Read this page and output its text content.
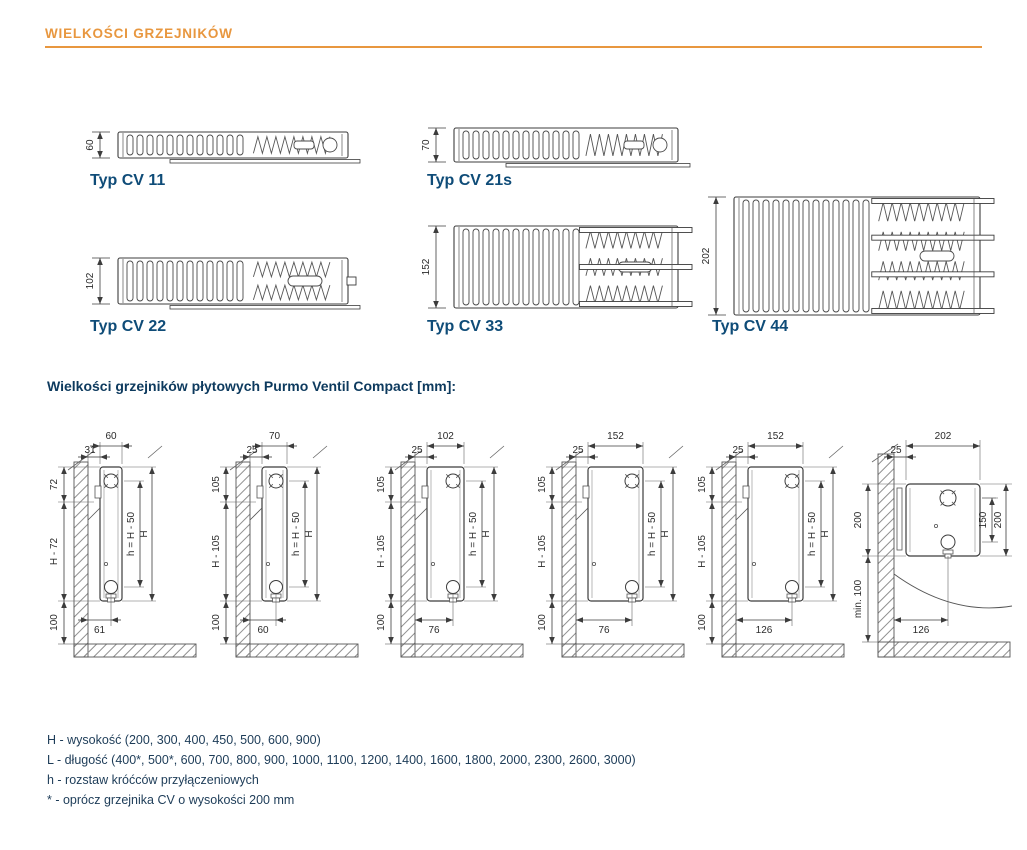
WIELKOŚCI GRZEJNIKÓW
60	70
102
152
202
Typ CV 11	Typ CV 21s
Typ CV 22	Typ CV 33	Typ CV 44
Wielkości grzejników płytowych Purmo Ventil Compact [mm]:
72
H - 72
100
60
31
h = H - 50 H
61
105
H - 105
100
70
25
h = H - 50 H
60
105
H - 105
100
102
25
h = H - 50 H
76
105
H - 105
100
152
25
h = H - 50 H
76
105
H - 105
100
152
25
h = H - 50 H
126
200
min. 100
202
25
150 200
126
H - wysokość (200, 300, 400, 450, 500, 600, 900)
L - długość (400*, 500*, 600, 700, 800, 900, 1000, 1100, 1200, 1400, 1600, 1800, 2000, 2300, 2600, 3000)
h - rozstaw króćców przyłączeniowych
* - oprócz grzejnika CV o wysokości 200 mm
